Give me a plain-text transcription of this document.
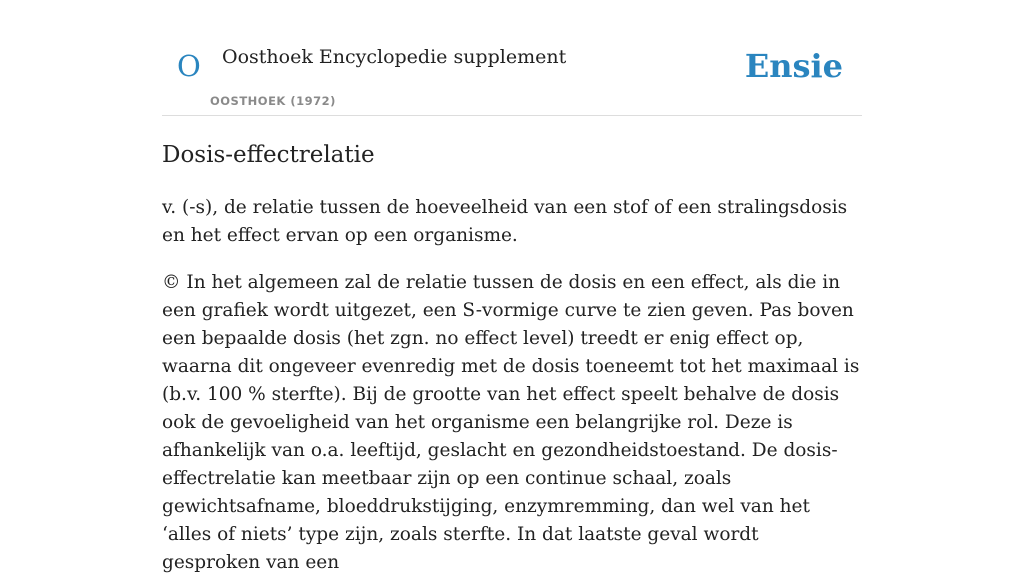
O Oosthoek Encyclopedie supplement
OOSTHOEK (1972)
Ensie
Dosis-effectrelatie

v. (-s), de relatie tussen de hoeveelheid van een stof of een stralingsdosis en het effect ervan op een organisme.

© In het algemeen zal de relatie tussen de dosis en een effect, als die in een grafiek wordt uitgezet, een S-vormige curve te zien geven. Pas boven een bepaalde dosis (het zgn. no effect level) treedt er enig effect op, waarna dit ongeveer evenredig met de dosis toeneemt tot het maximaal is (b.v. 100 % sterfte). Bij de grootte van het effect speelt behalve de dosis ook de gevoeligheid van het organisme een belangrijke rol. Deze is afhankelijk van o.a. leeftijd, geslacht en gezondheidstoestand. De dosis-effectrelatie kan meetbaar zijn op een continue schaal, zoals gewichtsafname, bloeddrukstijging, enzymremming, dan wel van het ‘alles of niets’ type zijn, zoals sterfte. In dat laatste geval wordt gesproken van een
